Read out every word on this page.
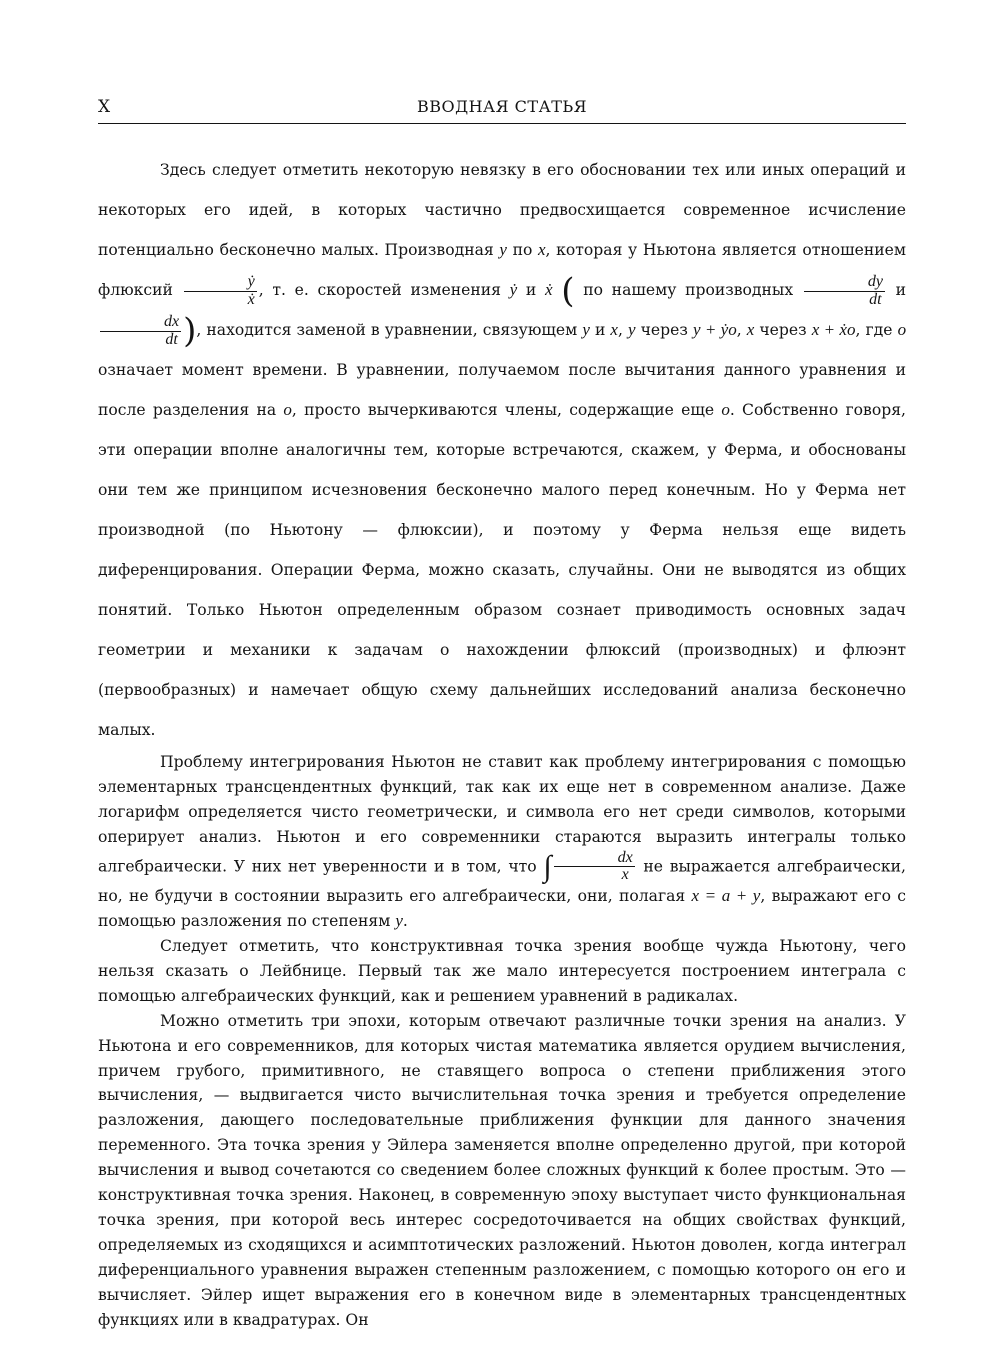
X	ВВОДНАЯ СТАТЬЯ

Здесь следует отметить некоторую невязку в его обосновании тех или иных операций и некоторых его идей, в которых частично предвосхищается современное исчисление потенциально бесконечно малых. Производная y по x, которая у Ньютона является отношением флюксий $\frac{\text{ẏ}}{\text{ẋ}}$ , т. е. скоростей изменения ẏ и ẋ ( по нашему производных $\frac{dy}{dt}$ и
$\frac{dx}{dt}$ ), находится заменой в уравнении, связующем y и x, y через y + ẏo, x через x + ẋo, где o означает момент времени. В уравнении, получаемом после вычитания данного уравнения и после разделения на o, просто вычеркиваются члены, содержащие еще o. Собственно говоря, эти операции вполне аналогичны тем, которые встречаются, скажем, у Ферма, и обоснованы они тем же принципом исчезновения бесконечно малого перед конечным. Но у Ферма нет производной (по Ньютону — флюксии), и поэтому у Ферма нельзя еще видеть диференцирования. Операции Ферма, можно сказать, случайны. Они не выводятся из общих понятий. Только Ньютон определенным образом сознает приводимость основных задач геометрии и механики к задачам о нахождении флюксий (производных) и флюэнт (первообразных) и намечает общую схему дальнейших исследований анализа бесконечно малых.

Проблему интегрирования Ньютон не ставит как проблему интегрирования с помощью элементарных трансцендентных функций, так как их еще нет в современном анализе. Даже логарифм определяется чисто геометрически, и символа его нет среди символов, которыми оперирует анализ. Ньютон и его современники стараются выразить интегралы только алгебраически. У них нет уверенности и в том, что ∫ $\frac{dx}{x}$ не выражается алгебраически, но, не будучи в состоянии выразить его алгебраически, они, полагая x = a + y, выражают его с помощью разложения по степеням y.

Следует отметить, что конструктивная точка зрения вообще чужда Ньютону, чего нельзя сказать о Лейбнице. Первый так же мало интересуется построением интеграла с помощью алгебраических функций, как и решением уравнений в радикалах.

Можно отметить три эпохи, которым отвечают различные точки зрения на анализ. У Ньютона и его современников, для которых чистая математика является орудием вычисления, причем грубого, примитивного, не ставящего вопроса о степени приближения этого вычисления, — выдвигается чисто вычислительная точка зрения и требуется определение разложения, дающего последовательные приближения функции для данного значения переменного. Эта точка зрения у Эйлера заменяется вполне определенно другой, при которой вычисления и вывод сочетаются со сведением более сложных функций к более простым. Это — конструктивная точка зрения. Наконец, в современную эпоху выступает чисто функциональная точка зрения, при которой весь интерес сосредоточивается на общих свойствах функций, определяемых из сходящихся и асимптотических разложений. Ньютон доволен, когда интеграл диференциального уравнения выражен степенным разложением, с помощью которого он его и вычисляет. Эйлер ищет выражения его в конечном виде в элементарных трансцендентных функциях или в квадратурах. Он
